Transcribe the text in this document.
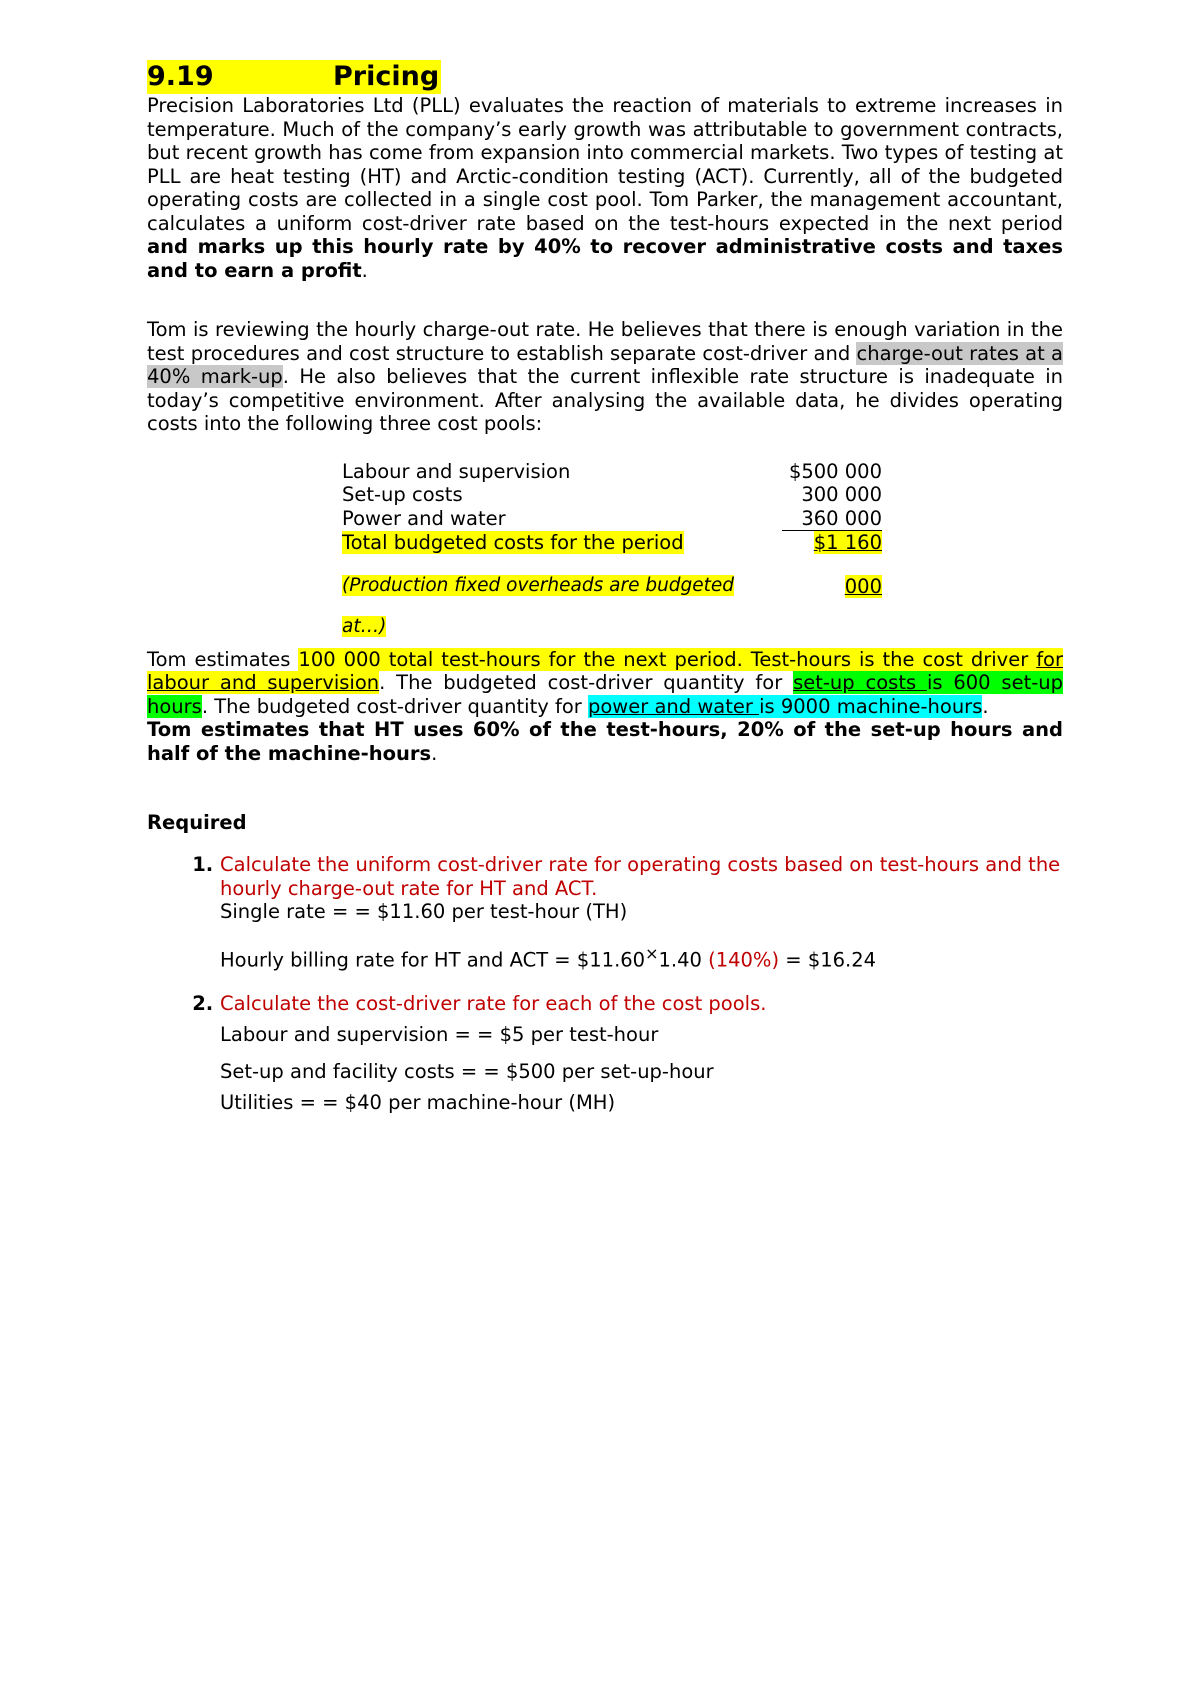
9.19	Pricing

Precision Laboratories Ltd (PLL) evaluates the reaction of materials to extreme increases in temperature. Much of the company’s early growth was attributable to government contracts, but recent growth has come from expansion into commercial markets. Two types of testing at PLL are heat testing (HT) and Arctic-condition testing (ACT). Currently, all of the budgeted operating costs are collected in a single cost pool. Tom Parker, the management accountant, calculates a uniform cost-driver rate based on the test-hours expected in the next period and marks up this hourly rate by 40% to recover administrative costs and taxes and to earn a profit.

Tom is reviewing the hourly charge-out rate. He believes that there is enough variation in the test procedures and cost structure to establish separate cost-driver and charge-out rates at a 40% mark-up. He also believes that the current inflexible rate structure is inadequate in today’s competitive environment. After analysing the available data, he divides operating costs into the following three cost pools:

Labour and supervision	$500 000
Set-up costs	300 000
Power and water	360 000
Total budgeted costs for the period	$1 160
(Production fixed overheads are budgeted	000
at…)	

Tom estimates 100 000 total test-hours for the next period. Test-hours is the cost driver for labour and supervision. The budgeted cost-driver quantity for set-up costs is 600 set-up hours. The budgeted cost-driver quantity for power and water is 9000 machine-hours.
Tom estimates that HT uses 60% of the test-hours, 20% of the set-up hours and half of the machine-hours.

Required

1. Calculate the uniform cost-driver rate for operating costs based on test-hours and the hourly charge-out rate for HT and ACT.
Single rate = = $11.60 per test-hour (TH)
Hourly billing rate for HT and ACT = $11.60×1.40 (140%) = $16.24
2. Calculate the cost-driver rate for each of the cost pools.
Labour and supervision = = $5 per test-hour
Set-up and facility costs = = $500 per set-up-hour
Utilities = = $40 per machine-hour (MH)
